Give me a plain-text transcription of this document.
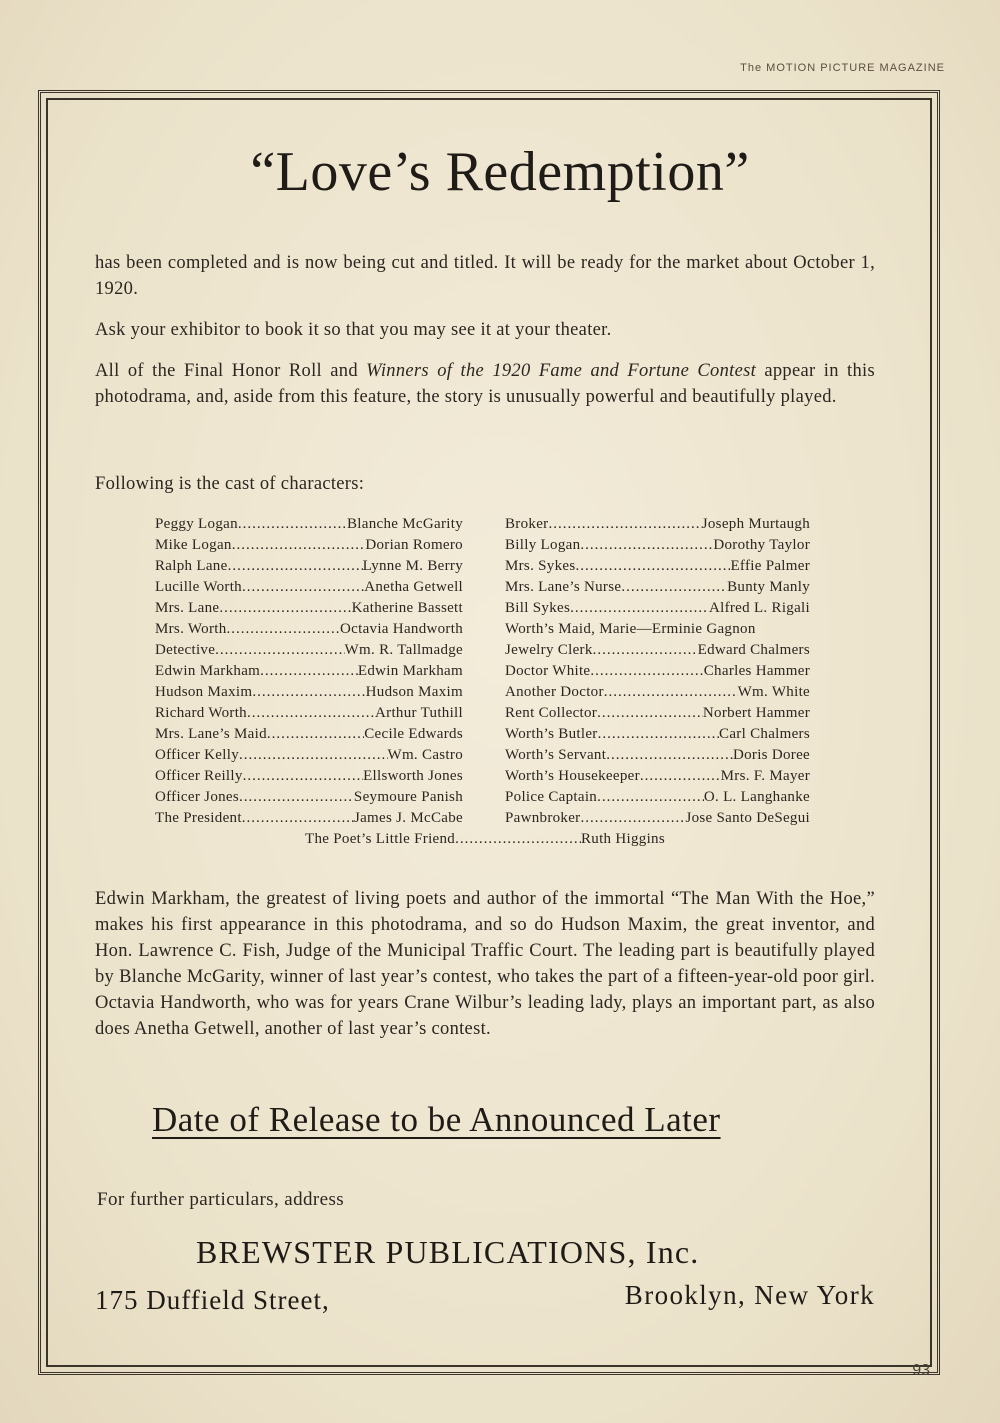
The MOTION PICTURE MAGAZINE
“Love’s Redemption”

has been completed and is now being cut and titled. It will be ready for the market about October 1, 1920.

Ask your exhibitor to book it so that you may see it at your theater.

All of the Final Honor Roll and Winners of the 1920 Fame and Fortune Contest appear in this photodrama, and, aside from this feature, the story is unusually powerful and beautifully played.

Following is the cast of characters:

Peggy Logan .....	Blanche McGarity
Mike Logan .....	Dorian Romero
Ralph Lane .....	Lynne M. Berry
Lucille Worth .....	Anetha Getwell
Mrs. Lane .....	Katherine Bassett
Mrs. Worth .....	Octavia Handworth
Detective .....	Wm. R. Tallmadge
Edwin Markham .....	Edwin Markham
Hudson Maxim .....	Hudson Maxim
Richard Worth .....	Arthur Tuthill
Mrs. Lane’s Maid .....	Cecile Edwards
Officer Kelly .....	Wm. Castro
Officer Reilly .....	Ellsworth Jones
Officer Jones .....	Seymoure Panish
The President .....	James J. McCabe
Broker .....	Joseph Murtaugh
Billy Logan .....	Dorothy Taylor
Mrs. Sykes .....	Effie Palmer
Mrs. Lane’s Nurse .....	Bunty Manly
Bill Sykes .....	Alfred L. Rigali
Worth’s Maid, Marie — Erminie Gagnon
Jewelry Clerk .....	Edward Chalmers
Doctor White .....	Charles Hammer
Another Doctor .....	Wm. White
Rent Collector .....	Norbert Hammer
Worth’s Butler .....	Carl Chalmers
Worth’s Servant .....	Doris Doree
Worth’s Housekeeper .....	Mrs. F. Mayer
Police Captain .....	O. L. Langhanke
Pawnbroker .....	Jose Santo DeSegui
The Poet’s Little Friend .....	Ruth Higgins

Edwin Markham, the greatest of living poets and author of the immortal “The Man With the Hoe,” makes his first appearance in this photodrama, and so do Hudson Maxim, the great inventor, and Hon. Lawrence C. Fish, Judge of the Municipal Traffic Court. The leading part is beautifully played by Blanche McGarity, winner of last year’s contest, who takes the part of a fifteen-year-old poor girl. Octavia Handworth, who was for years Crane Wilbur’s leading lady, plays an important part, as also does Anetha Getwell, another of last year’s contest.

Date of Release to be Announced Later
For further particulars, address
BREWSTER PUBLICATIONS, Inc.
175 Duffield Street,	Brooklyn, New York
93
